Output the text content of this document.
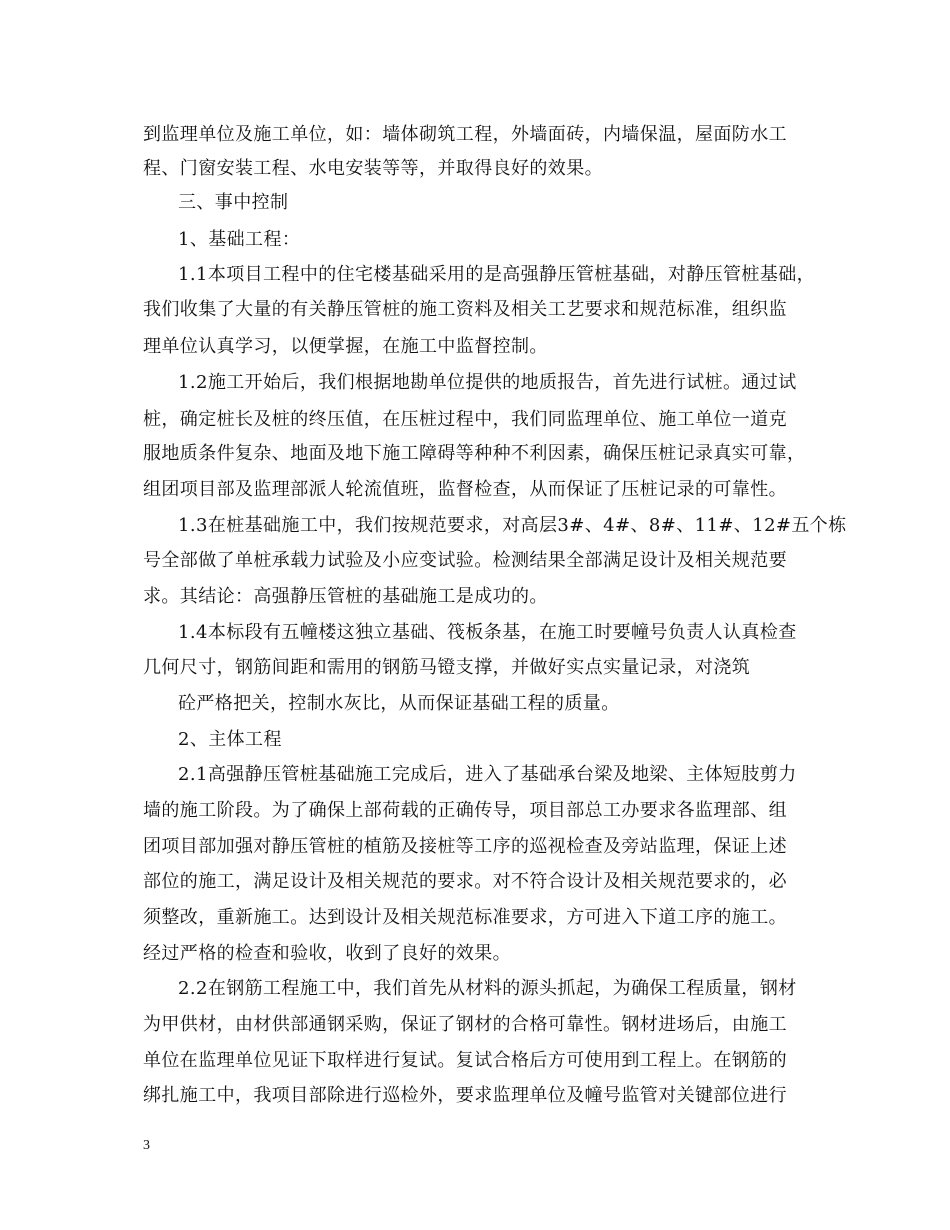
到监理单位及施工单位，如：墙体砌筑工程，外墙面砖，内墙保温，屋面防水工
程、门窗安装工程、水电安装等等，并取得良好的效果。
三、事中控制
1、基础工程：
1.1本项目工程中的住宅楼基础采用的是高强静压管桩基础，对静压管桩基础，
我们收集了大量的有关静压管桩的施工资料及相关工艺要求和规范标准，组织监
理单位认真学习，以便掌握，在施工中监督控制。
1.2施工开始后，我们根据地勘单位提供的地质报告，首先进行试桩。通过试
桩，确定桩长及桩的终压值，在压桩过程中，我们同监理单位、施工单位一道克
服地质条件复杂、地面及地下施工障碍等种种不利因素，确保压桩记录真实可靠，
组团项目部及监理部派人轮流值班，监督检查，从而保证了压桩记录的可靠性。
1.3在桩基础施工中，我们按规范要求，对高层3#、4#、8#、11#、12#五个栋
号全部做了单桩承载力试验及小应变试验。检测结果全部满足设计及相关规范要
求。其结论：高强静压管桩的基础施工是成功的。
1.4本标段有五幢楼这独立基础、筏板条基，在施工时要幢号负责人认真检查
几何尺寸，钢筋间距和需用的钢筋马镫支撑，并做好实点实量记录，对浇筑
砼严格把关，控制水灰比，从而保证基础工程的质量。
2、主体工程
2.1高强静压管桩基础施工完成后，进入了基础承台梁及地梁、主体短肢剪力
墙的施工阶段。为了确保上部荷载的正确传导，项目部总工办要求各监理部、组
团项目部加强对静压管桩的植筋及接桩等工序的巡视检查及旁站监理，保证上述
部位的施工，满足设计及相关规范的要求。对不符合设计及相关规范要求的，必
须整改，重新施工。达到设计及相关规范标准要求，方可进入下道工序的施工。
经过严格的检查和验收，收到了良好的效果。
2.2在钢筋工程施工中，我们首先从材料的源头抓起，为确保工程质量，钢材
为甲供材，由材供部通钢采购，保证了钢材的合格可靠性。钢材进场后，由施工
单位在监理单位见证下取样进行复试。复试合格后方可使用到工程上。在钢筋的
绑扎施工中，我项目部除进行巡检外，要求监理单位及幢号监管对关键部位进行
3
